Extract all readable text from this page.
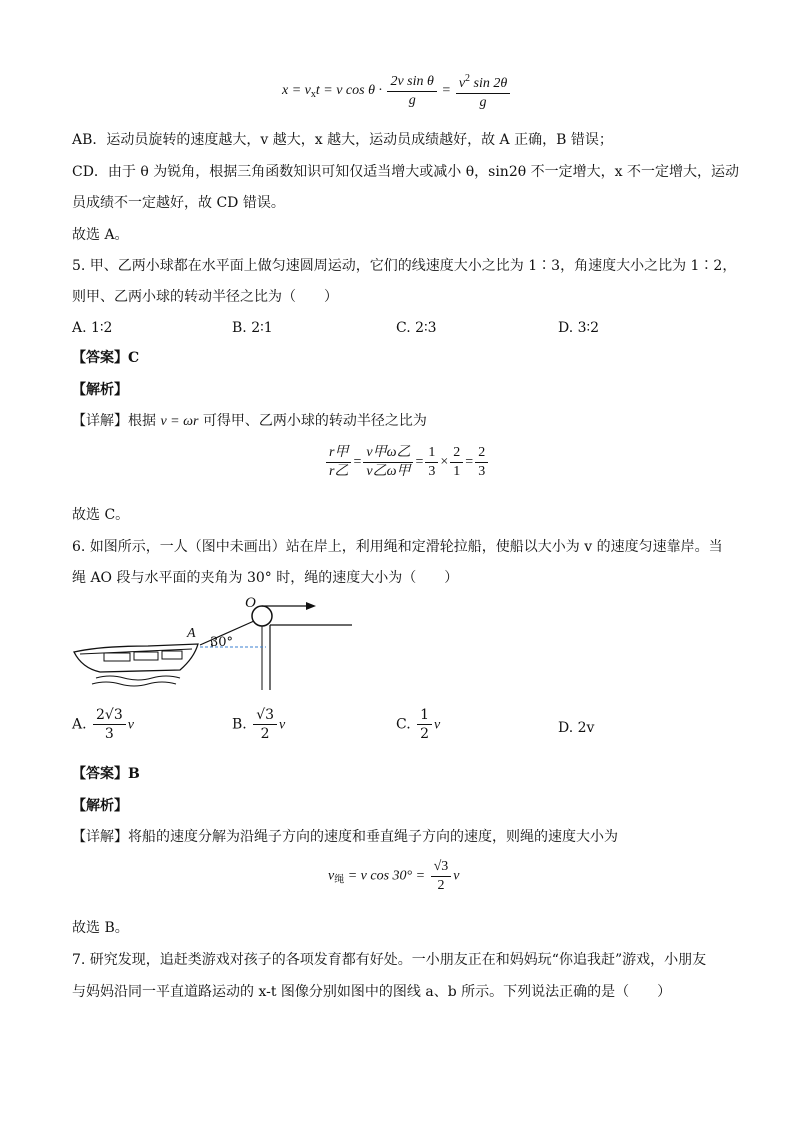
$x = v_xt = v$ $\cos \theta \cdot \frac{\text{2v sin θ}}{g} = \frac{v^2 \sin 2\theta}{g}$
AB．运动员旋转的速度越大，v 越大，x 越大，运动员成绩越好，故 A 正确，B 错误；
CD．由于 θ 为锐角，根据三角函数知识可知仅适当增大或减小 θ，sin2θ 不一定增大，x 不一定增大，运动
员成绩不一定越好，故 CD 错误。
故选 A。
5. 甲、乙两小球都在水平面上做匀速圆周运动，它们的线速度大小之比为 1∶3，角速度大小之比为 1∶2，
则甲、乙两小球的转动半径之比为（　　）
A. 1∶2	B. 2∶1	C. 2∶3	D. 3∶2
【答案】C
【解析】
【详解】根据 v = ωr 可得甲、乙两小球的转动半径之比为
$\frac{\text{r甲}}{\text{r乙}} = \frac{\text{v甲ω乙}}{\text{v乙ω甲}} = \frac{1}{3} \times \frac{2}{1} = \frac{2}{3}$
故选 C。
6. 如图所示，一人（图中未画出）站在岸上，利用绳和定滑轮拉船，使船以大小为 v 的速度匀速靠岸。当
绳 AO 段与水平面的夹角为 30° 时，绳的速度大小为（　　）
O
A
30°
A. $\frac{2√3}{3}$ v	B. $\frac{√3}{2}$ v	C. $\frac{1}{2}$ v	D. 2v
【答案】B
【解析】
【详解】将船的速度分解为沿绳子方向的速度和垂直绳子方向的速度，则绳的速度大小为
$v_绳 = v$ $\cos 30^\circ = \frac{√3}{2}$ v
故选 B。
7. 研究发现，追赶类游戏对孩子的各项发育都有好处。一小朋友正在和妈妈玩“你追我赶”游戏，小朋友
与妈妈沿同一平直道路运动的 x-t 图像分别如图中的图线 a、b 所示。下列说法正确的是（　　）
